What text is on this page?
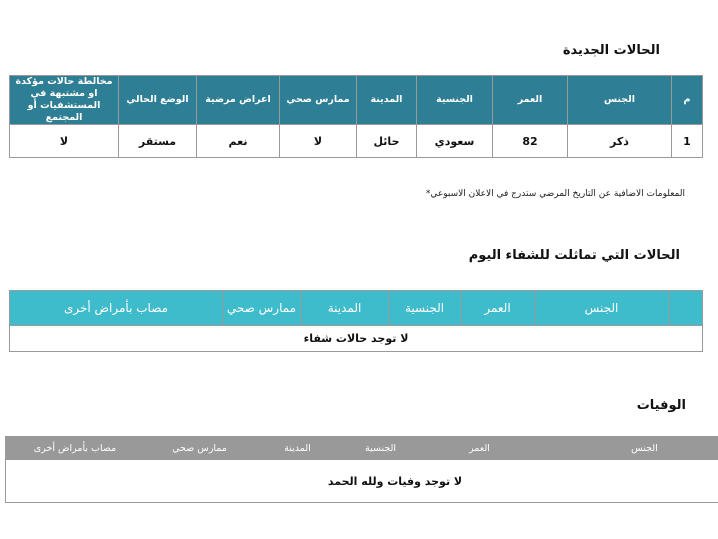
الحالات الجديدة
م	الجنس	العمر	الجنسية	المدينة	ممارس صحي	اعراض مرضية	الوضع الحالي	مخالطة حالات مؤكدة او مشتبهة في المستشفيات أو المجتمع
1	ذكر	82	سعودي	حائل	لا	نعم	مستقر	لا
المعلومات الاضافية عن التاريخ المرضي ستدرج في الاعلان الاسبوعي*
الحالات التي تماثلت للشفاء اليوم
	الجنس	العمر	الجنسية	المدينة	ممارس صحي	مصاب بأمراض أخرى
لا توجد حالات شفاء
الوفيات
	الجنس	العمر	الجنسية	المدينة	ممارس صحي	مصاب بأمراض أخرى
لا توجد وفيات ولله الحمد
